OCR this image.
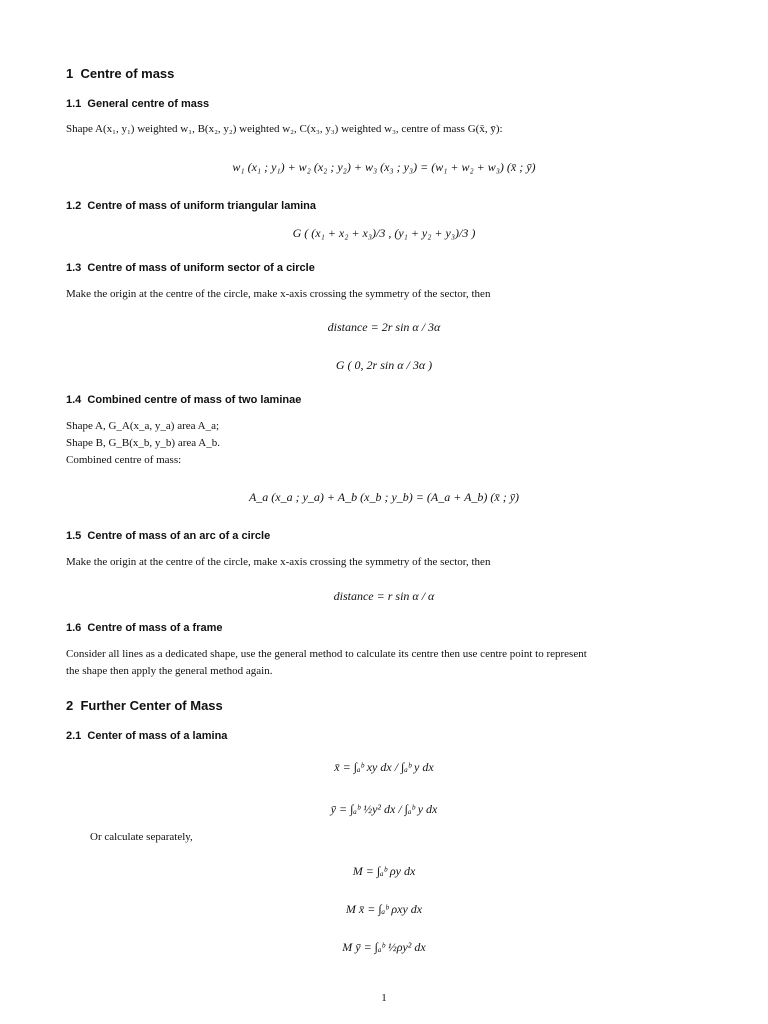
1 Centre of mass
1.1 General centre of mass
Shape A(x₁, y₁) weighted w₁, B(x₂, y₂) weighted w₂, C(x₃, y₃) weighted w₃, centre of mass G(x̄, ȳ):
w₁ (x₁ ; y₁) + w₂ (x₂ ; y₂) + w₃ (x₃ ; y₃) = (w₁ + w₂ + w₃) (x̄ ; ȳ)
1.2 Centre of mass of uniform triangular lamina
G ( (x₁ + x₂ + x₃)/3 , (y₁ + y₂ + y₃)/3 )
1.3 Centre of mass of uniform sector of a circle
Make the origin at the centre of the circle, make x-axis crossing the symmetry of the sector, then
distance = 2r sin α / 3α
G ( 0, 2r sin α / 3α )
1.4 Combined centre of mass of two laminae
Shape A, G_A(x_a, y_a) area A_a;
Shape B, G_B(x_b, y_b) area A_b.
Combined centre of mass:
A_a (x_a ; y_a) + A_b (x_b ; y_b) = (A_a + A_b) (x̄ ; ȳ)
1.5 Centre of mass of an arc of a circle
Make the origin at the centre of the circle, make x-axis crossing the symmetry of the sector, then
distance = r sin α / α
1.6 Centre of mass of a frame
Consider all lines as a dedicated shape, use the general method to calculate its centre then use centre point to represent
the shape then apply the general method again.
2 Further Center of Mass
2.1 Center of mass of a lamina
x̄ = ∫ₐᵇ xy dx / ∫ₐᵇ y dx
ȳ = ∫ₐᵇ ½y² dx / ∫ₐᵇ y dx
Or calculate separately,
M = ∫ₐᵇ ρy dx
M x̄ = ∫ₐᵇ ρxy dx
M ȳ = ∫ₐᵇ ½ρy² dx
1
